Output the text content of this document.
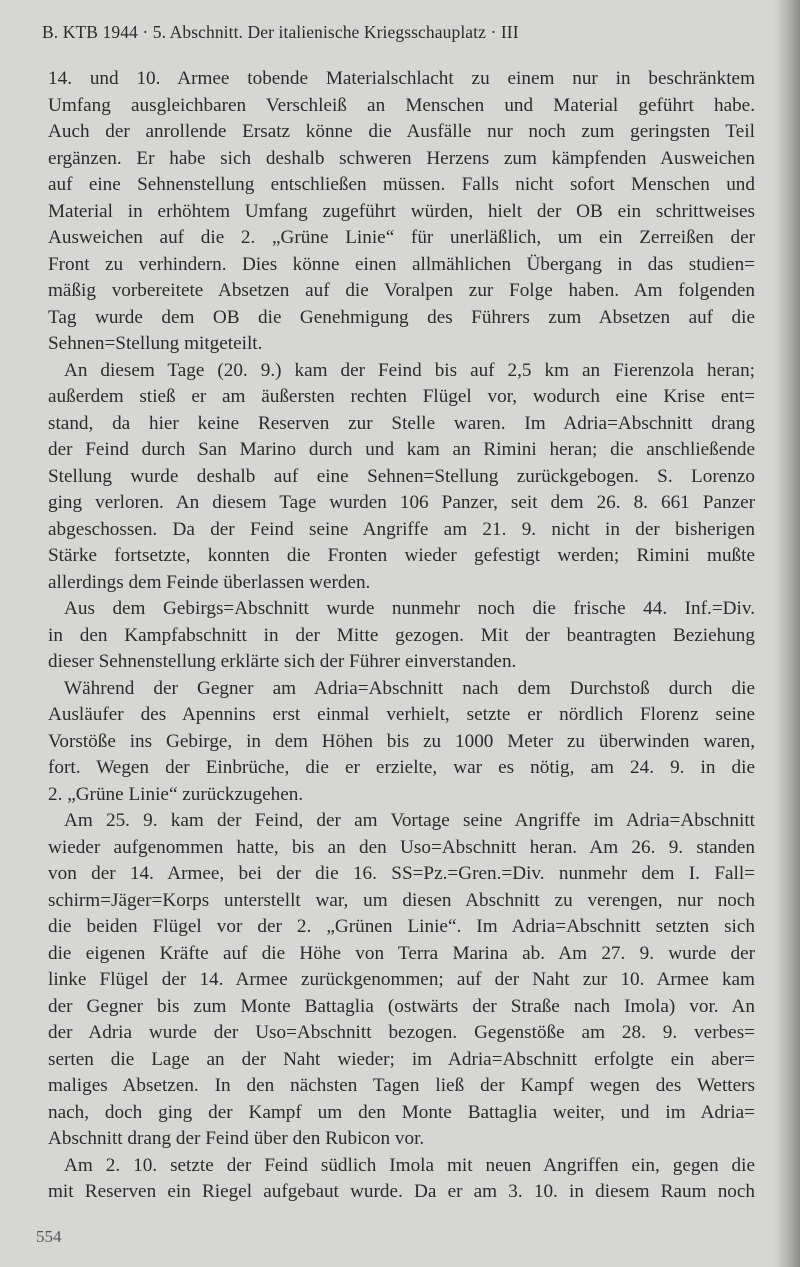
B. KTB 1944 · 5. Abschnitt. Der italienische Kriegsschauplatz · III
14. und 10. Armee tobende Materialschlacht zu einem nur in beschränktem
Umfang ausgleichbaren Verschleiß an Menschen und Material geführt habe.
Auch der anrollende Ersatz könne die Ausfälle nur noch zum geringsten Teil
ergänzen. Er habe sich deshalb schweren Herzens zum kämpfenden Ausweichen
auf eine Sehnenstellung entschließen müssen. Falls nicht sofort Menschen und
Material in erhöhtem Umfang zugeführt würden, hielt der OB ein schrittweises
Ausweichen auf die 2. „Grüne Linie“ für unerläßlich, um ein Zerreißen der
Front zu verhindern. Dies könne einen allmählichen Übergang in das studien=
mäßig vorbereitete Absetzen auf die Voralpen zur Folge haben. Am folgenden
Tag wurde dem OB die Genehmigung des Führers zum Absetzen auf die
Sehnen=Stellung mitgeteilt.
An diesem Tage (20. 9.) kam der Feind bis auf 2,5 km an Fierenzola heran;
außerdem stieß er am äußersten rechten Flügel vor, wodurch eine Krise ent=
stand, da hier keine Reserven zur Stelle waren. Im Adria=Abschnitt drang
der Feind durch San Marino durch und kam an Rimini heran; die anschließende
Stellung wurde deshalb auf eine Sehnen=Stellung zurückgebogen. S. Lorenzo
ging verloren. An diesem Tage wurden 106 Panzer, seit dem 26. 8. 661 Panzer
abgeschossen. Da der Feind seine Angriffe am 21. 9. nicht in der bisherigen
Stärke fortsetzte, konnten die Fronten wieder gefestigt werden; Rimini mußte
allerdings dem Feinde überlassen werden.
Aus dem Gebirgs=Abschnitt wurde nunmehr noch die frische 44. Inf.=Div.
in den Kampfabschnitt in der Mitte gezogen. Mit der beantragten Beziehung
dieser Sehnenstellung erklärte sich der Führer einverstanden.
Während der Gegner am Adria=Abschnitt nach dem Durchstoß durch die
Ausläufer des Apennins erst einmal verhielt, setzte er nördlich Florenz seine
Vorstöße ins Gebirge, in dem Höhen bis zu 1000 Meter zu überwinden waren,
fort. Wegen der Einbrüche, die er erzielte, war es nötig, am 24. 9. in die
2. „Grüne Linie“ zurückzugehen.
Am 25. 9. kam der Feind, der am Vortage seine Angriffe im Adria=Abschnitt
wieder aufgenommen hatte, bis an den Uso=Abschnitt heran. Am 26. 9. standen
von der 14. Armee, bei der die 16. SS=Pz.=Gren.=Div. nunmehr dem I. Fall=
schirm=Jäger=Korps unterstellt war, um diesen Abschnitt zu verengen, nur noch
die beiden Flügel vor der 2. „Grünen Linie“. Im Adria=Abschnitt setzten sich
die eigenen Kräfte auf die Höhe von Terra Marina ab. Am 27. 9. wurde der
linke Flügel der 14. Armee zurückgenommen; auf der Naht zur 10. Armee kam
der Gegner bis zum Monte Battaglia (ostwärts der Straße nach Imola) vor. An
der Adria wurde der Uso=Abschnitt bezogen. Gegenstöße am 28. 9. verbes=
serten die Lage an der Naht wieder; im Adria=Abschnitt erfolgte ein aber=
maliges Absetzen. In den nächsten Tagen ließ der Kampf wegen des Wetters
nach, doch ging der Kampf um den Monte Battaglia weiter, und im Adria=
Abschnitt drang der Feind über den Rubicon vor.
Am 2. 10. setzte der Feind südlich Imola mit neuen Angriffen ein, gegen die
mit Reserven ein Riegel aufgebaut wurde. Da er am 3. 10. in diesem Raum noch
554
